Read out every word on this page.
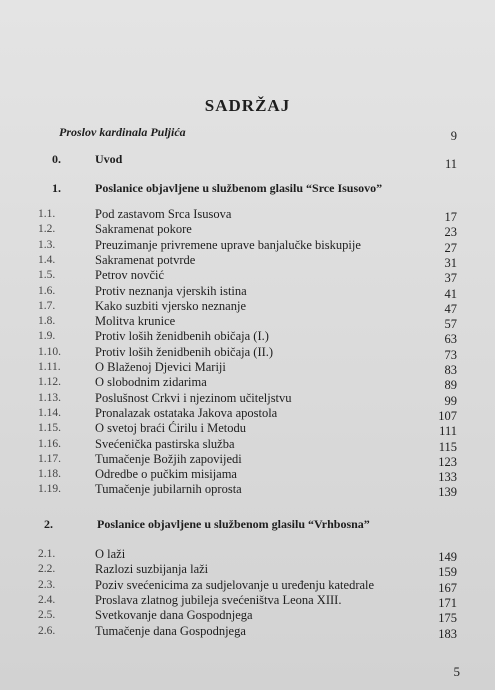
SADRŽAJ
Proslov kardinala Puljića	9
0.	Uvod	11
1.	Poslanice objavljene u službenom glasilu “Srce Isusovo”
1.1.	Pod zastavom Srca Isusova	17
1.2.	Sakramenat pokore	23
1.3.	Preuzimanje privremene uprave banjalučke biskupije	27
1.4.	Sakramenat potvrde	31
1.5.	Petrov novčić	37
1.6.	Protiv neznanja vjerskih istina	41
1.7.	Kako suzbiti vjersko neznanje	47
1.8.	Molitva krunice	57
1.9.	Protiv loših ženidbenih običaja (I.)	63
1.10.	Protiv loših ženidbenih običaja (II.)	73
1.11.	O Blaženoj Djevici Mariji	83
1.12.	O slobodnim zidarima	89
1.13.	Poslušnost Crkvi i njezinom učiteljstvu	99
1.14.	Pronalazak ostataka Jakova apostola	107
1.15.	O svetoj braći Ćirilu i Metodu	111
1.16.	Svećenička pastirska služba	115
1.17.	Tumačenje Božjih zapovijedi	123
1.18.	Odredbe o pučkim misijama	133
1.19.	Tumačenje jubilarnih oprosta	139
2.	Poslanice objavljene u službenom glasilu “Vrhbosna”
2.1.	O laži	149
2.2.	Razlozi suzbijanja laži	159
2.3.	Poziv svećenicima za sudjelovanje u uređenju katedrale	167
2.4.	Proslava zlatnog jubileja svećeništva Leona XIII.	171
2.5.	Svetkovanje dana Gospodnjega	175
2.6.	Tumačenje dana Gospodnjega	183
5
